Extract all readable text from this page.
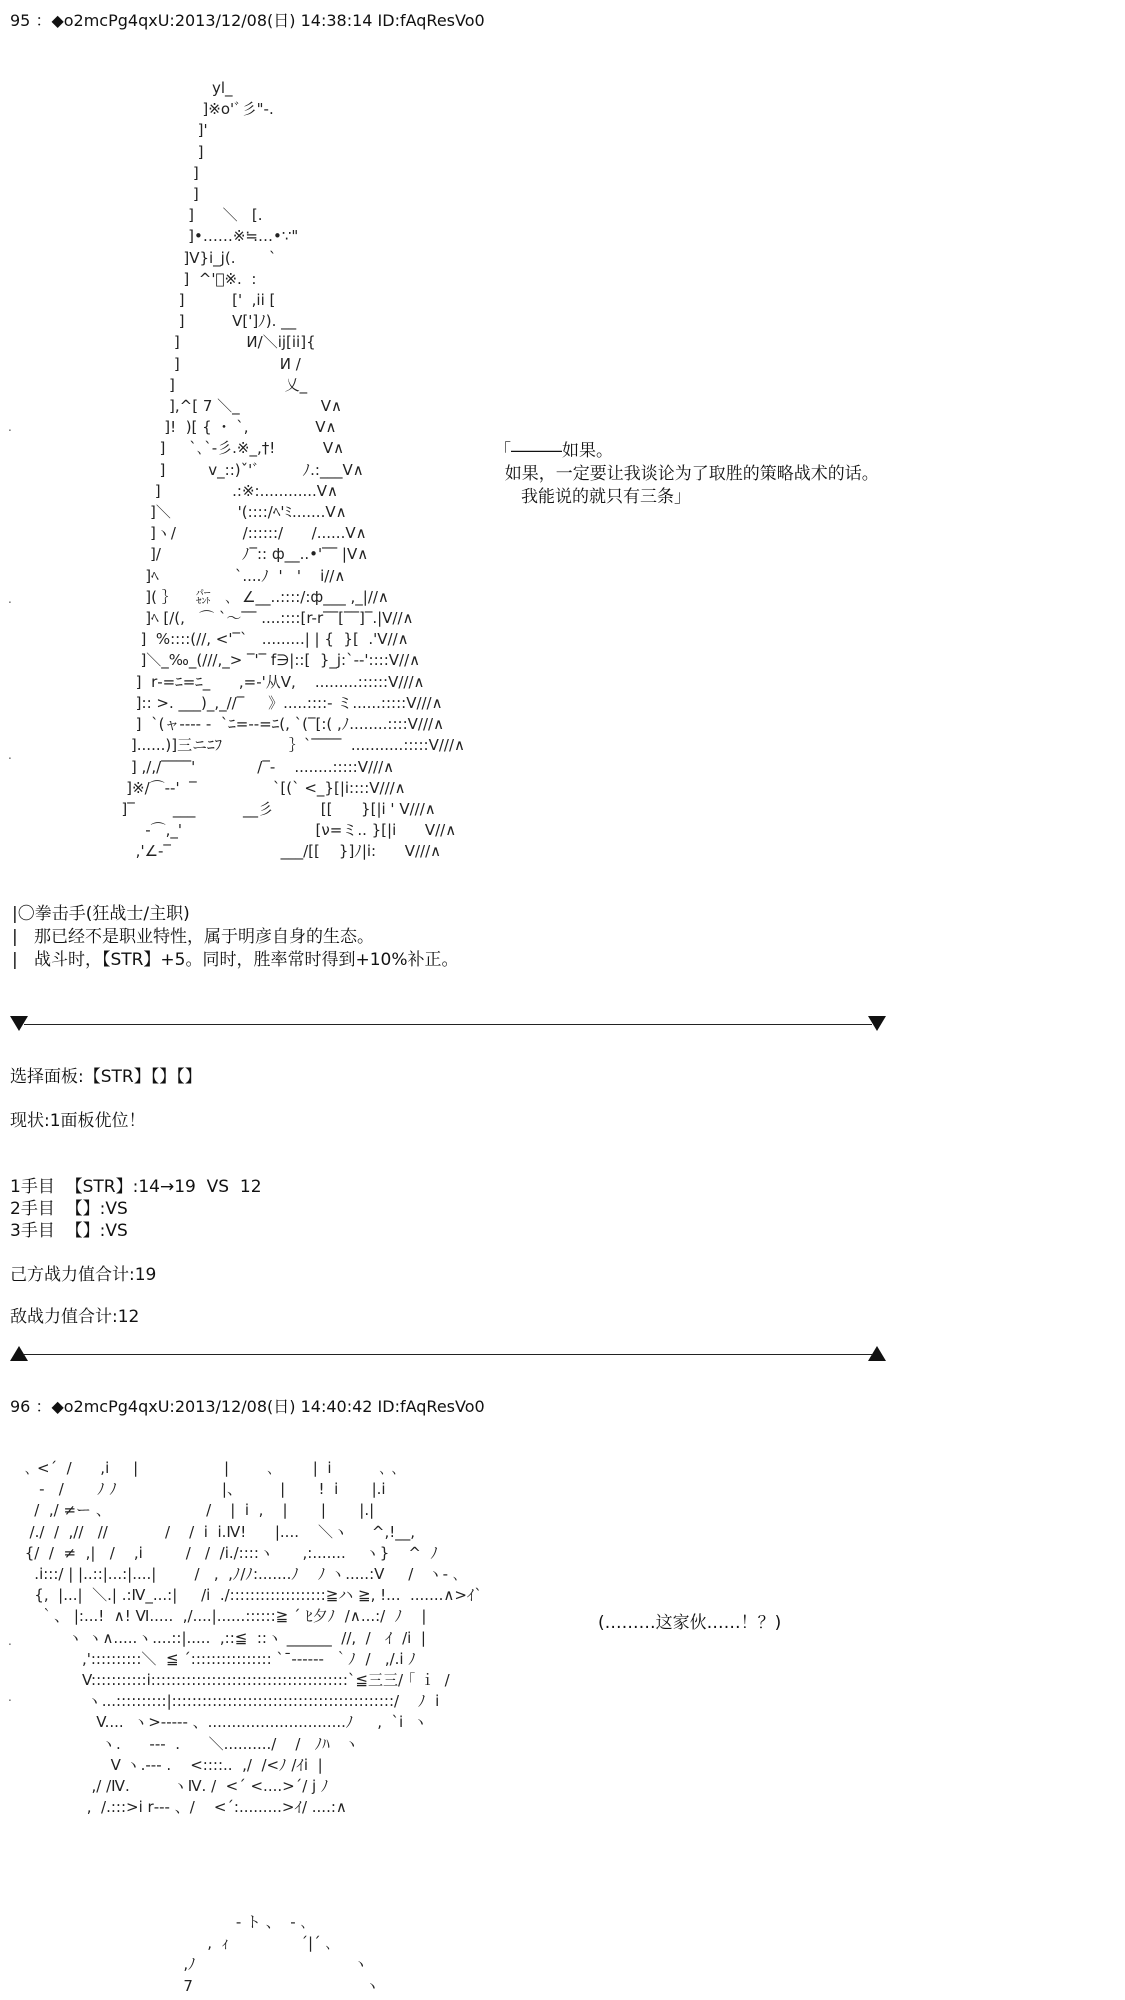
95 ：◆o2mcPg4qxU:2013/12/08(日) 14:38:14 ID:fAqResVo0
yl_
]※o'ﾞ彡"-.
]'
]
]
]
]      ＼   [.
]•‥‥‥※≒…•∵"
]V}i_j(.       `
]  ^'ﾟ※.  :
]          ['  ,ii [
]          V[']ﾉ). __
]              И/＼ij[ii]{
]                     И /
]                       乂_
],^[ 7 ＼_                 V∧
]!  )[ { ・ `,              V∧
]     `､`-彡.※_,†!          V∧
]         v_::)ˇ'ﾞ         ﾉ.:___V∧
]               .:※:............V∧
]＼              '(::::/ﾍ'ﾐ.......V∧
]ヽ/              /::::::/      /......V∧
]/                 ﾉ‾:: ф__..•'‾‾ |V∧
]ﾍ                `....ﾉ  '   '    i//∧
]( ｝    ㌫   ､  ∠__..::::/:ф___ ,_|//∧
]ﾍ [/(,   ⌒ `～‾‾ ....::::[r-r‾‾[‾‾]‾.|V//∧
]  %::::(//, <'‾`   .........| | {  }[  .'V//∧
]＼_‰_(///,_> ‾'‾ f∋|::[  }_j:`‐‐'::::V//∧
]  r‐=ﾆ=ﾆ_      ,=‐'从V,    .........::::::V///∧
]:: >. ___)_,_//‾     》.....::::- ミ......:::::V///∧
]  `(ャ‐‐-- ‐  `ﾆ=--=ﾆ(, `(‾[:( ,ﾉ........::::V///∧
]......)]三ニﾆﾌ              ｝`‾‾‾‾  ...........:::::V///∧
] ,/,/‾‾‾‾'             /‾-    ........:::::V///∧
]※/⌒-‐'  ‾                `[(` <_}[|i::::V///∧
]‾        ___          __彡          [[      }[|i ' V///∧
‐⌒,_'                            [ν=ミ.. }[|i      V//∧
,'∠‐‾                       ___/[[    }]ﾉ|i:      V///∧
「―――如果。
如果，一定要让我谈论为了取胜的策略战术的话。
我能说的就只有三条」
|〇拳击手(狂战士/主职)
|   那已经不是职业特性，属于明彦自身的生态。
|   战斗时，【STR】+5。同时，胜率常时得到+10%补正。
.
.
.
选择面板:【STR】【】【】
现状:1面板优位！
1手目  【STR】:14→19  VS  12
2手目  【】:VS
3手目  【】:VS
己方战力值合计:19
敌战力值合计:12
96 ：◆o2mcPg4qxU:2013/12/08(日) 14:40:42 ID:fAqResVo0
､ <ˊ  /      ,i     |                  |        ､        |  i          ､ ､
‐   /       ﾉ ﾉ                      |、        |       !  i       |.i
/  ,/ ≠ー 、                    /    |  i  ,    |       |       |.|
/./  /  ,//   //            /    /  i  i.Ⅳ!      |....    ＼ヽ     ^,!__,
{/  /  ≠  ,|   /    ,i         /   /  /i./::::ヽ      ,:.......    ヽ}    ^  ﾉ
.i:::/ | |..::|...:|....|        /   ,  ,ﾉ/ﾉ:.......ﾉ    ﾉ ヽ.....:V     /   ヽ‐ ､
{,  |...|  ＼.| .:Ⅳ_...:|     /i  ./:::::::::::::::::::≧ハ ≧, !...  .......∧>ｲ`
｀、 |:...!  ∧! Ⅵ.....  ,/....|......::::::≧ ˊ ﾋ夕ﾉ  /∧...:/  ﾉ    |
ヽ ヽ∧.....ヽ....::|.....  ,::≦  ::ヽ ______  //,  /   ｲ  /i  |
,'::::::::::＼  ≦ ˊ:::::::::::::::: `ˉ‐‐‐‐‐‐  ｀ﾉ  /   ,/.i ﾉ
V:::::::::::i:::::::::::::::::::::::::::::::::::::::`≦三三/ ｢ ｉ  /
ヽ...::::::::::|::::::::::::::::::::::::::::::::::::::::::::/    ﾉ  i
V....  ヽ>‐‐‐‐‐ 、.............................ﾉ     ,  `i  ヽ
ヽ.      ‐‐‐  .      ＼........../    /   ﾉﾊ   ヽ
V ヽ.‐‐‐ .    <::::..  ,/  /<ﾉ /ｲi  |
,/ /Ⅳ.         ヽⅣ. /  <ˊ <....>ˊ/ j ﾉ
,  /.:::>i r‐‐‐ 、/    <ˊ:.........>ｲ/ ....:∧
(………这家伙……！？)
.
.
‐ ト 、  ‐ ､
,  ｨ               ˊ|ˊ ､
,ﾉ                                 ヽ
7                                    ヽ
